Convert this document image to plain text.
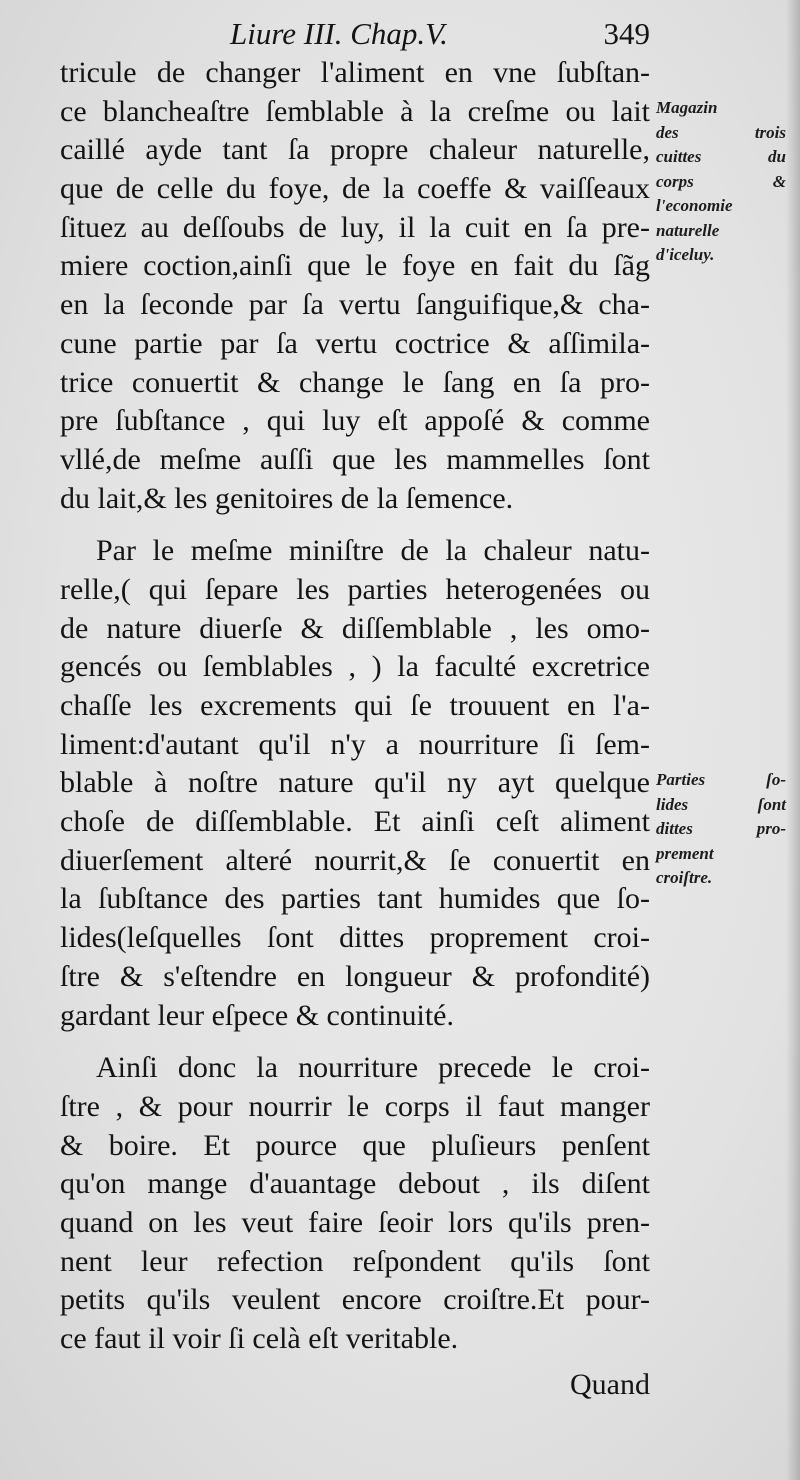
Liure III. Chap.V.	349
tricule de changer l'aliment en vne ſubſtan-
ce blancheaſtre ſemblable à la creſme ou lait
caillé ayde tant ſa propre chaleur naturelle,
que de celle du foye, de la coeffe & vaiſſeaux
ſituez au deſſoubs de luy, il la cuit en ſa pre-
miere coction,ainſi que le foye en fait du ſãg
en la ſeconde par ſa vertu ſanguifique,& cha-
cune partie par ſa vertu coctrice & aſſimila-
trice conuertit & change le ſang en ſa pro-
pre ſubſtance , qui luy eſt appoſé & comme
vllé,de meſme auſſi que les mammelles ſont
du lait,& les genitoires de la ſemence.
Par le meſme miniſtre de la chaleur natu-
relle,( qui ſepare les parties heterogenées ou
de nature diuerſe & diſſemblable , les omo-
gencés ou ſemblables , ) la faculté excretrice
chaſſe les excrements qui ſe trouuent en l'a-
liment:d'autant qu'il n'y a nourriture ſi ſem-
blable à noſtre nature qu'il ny ayt quelque
choſe de diſſemblable. Et ainſi ceſt aliment
diuerſement alteré nourrit,& ſe conuertit en
la ſubſtance des parties tant humides que ſo-
lides(leſquelles ſont dittes proprement croi-
ſtre & s'eſtendre en longueur & profondité)
gardant leur eſpece & continuité.
Ainſi donc la nourriture precede le croi-
ſtre , & pour nourrir le corps il faut manger
& boire. Et pource que pluſieurs penſent
qu'on mange d'auantage debout , ils diſent
quand on les veut faire ſeoir lors qu'ils pren-
nent leur refection reſpondent qu'ils ſont
petits qu'ils veulent encore croiſtre.Et pour-
ce faut il voir ſi celà eſt veritable.
Quand
Magazin
des trois
cuittes du
corps &
l'economie
naturelle
d'iceluy.
Parties ſo-
lides ſont
dittes pro-
prement
croiſtre.
